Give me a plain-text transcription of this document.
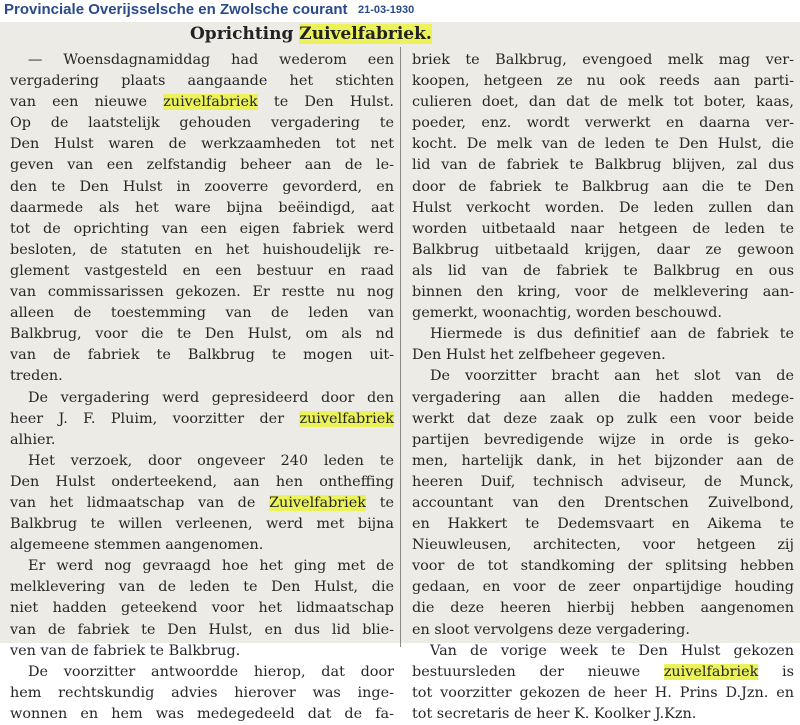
Provinciale Overijsselsche en Zwolsche courant 21-03-1930
Oprichting Zuivelfabriek.
— Woensdagnamiddag had wederom een
vergadering plaats aangaande het stichten
van een nieuwe zuivelfabriek te Den Hulst.
Op de laatstelijk gehouden vergadering te
Den Hulst waren de werkzaamheden tot net
geven van een zelfstandig beheer aan de le-
den te Den Hulst in zooverre gevorderd, en
daarmede als het ware bijna beëindigd, aat
tot de oprichting van een eigen fabriek werd
besloten, de statuten en het huishoudelijk re-
glement vastgesteld en een bestuur en raad
van commissarissen gekozen. Er restte nu nog
alleen de toestemming van de leden van
Balkbrug, voor die te Den Hulst, om als nd
van de fabriek te Balkbrug te mogen uit-
treden.
De vergadering werd gepresideerd door den
heer J. F. Pluim, voorzitter der zuivelfabriek
alhier.
Het verzoek, door ongeveer 240 leden te
Den Hulst onderteekend, aan hen ontheffing
van het lidmaatschap van de Zuivelfabriek te
Balkbrug te willen verleenen, werd met bijna
algemeene stemmen aangenomen.
Er werd nog gevraagd hoe het ging met de
melklevering van de leden te Den Hulst, die
niet hadden geteekend voor het lidmaatschap
van de fabriek te Den Hulst, en dus lid blie-
ven van de fabriek te Balkbrug.
De voorzitter antwoordde hierop, dat door
hem rechtskundig advies hierover was inge-
wonnen en hem was medegedeeld dat de fa-
briek te Balkbrug, evengoed melk mag ver-
koopen, hetgeen ze nu ook reeds aan parti-
culieren doet, dan dat de melk tot boter, kaas,
poeder, enz. wordt verwerkt en daarna ver-
kocht. De melk van de leden te Den Hulst, die
lid van de fabriek te Balkbrug blijven, zal dus
door de fabriek te Balkbrug aan die te Den
Hulst verkocht worden. De leden zullen dan
worden uitbetaald naar hetgeen de leden te
Balkbrug uitbetaald krijgen, daar ze gewoon
als lid van de fabriek te Balkbrug en ous
binnen den kring, voor de melklevering aan-
gemerkt, woonachtig, worden beschouwd.
Hiermede is dus definitief aan de fabriek te
Den Hulst het zelfbeheer gegeven.
De voorzitter bracht aan het slot van de
vergadering aan allen die hadden medege-
werkt dat deze zaak op zulk een voor beide
partijen bevredigende wijze in orde is geko-
men, hartelijk dank, in het bijzonder aan de
heeren Duif, technisch adviseur, de Munck,
accountant van den Drentschen Zuivelbond,
en Hakkert te Dedemsvaart en Aikema te
Nieuwleusen, architecten, voor hetgeen zij
voor de tot standkoming der splitsing hebben
gedaan, en voor de zeer onpartijdige houding
die deze heeren hierbij hebben aangenomen
en sloot vervolgens deze vergadering.
Van de vorige week te Den Hulst gekozen
bestuursleden der nieuwe zuivelfabriek is
tot voorzitter gekozen de heer H. Prins D.Jzn. en
tot secretaris de heer K. Koolker J.Kzn.
